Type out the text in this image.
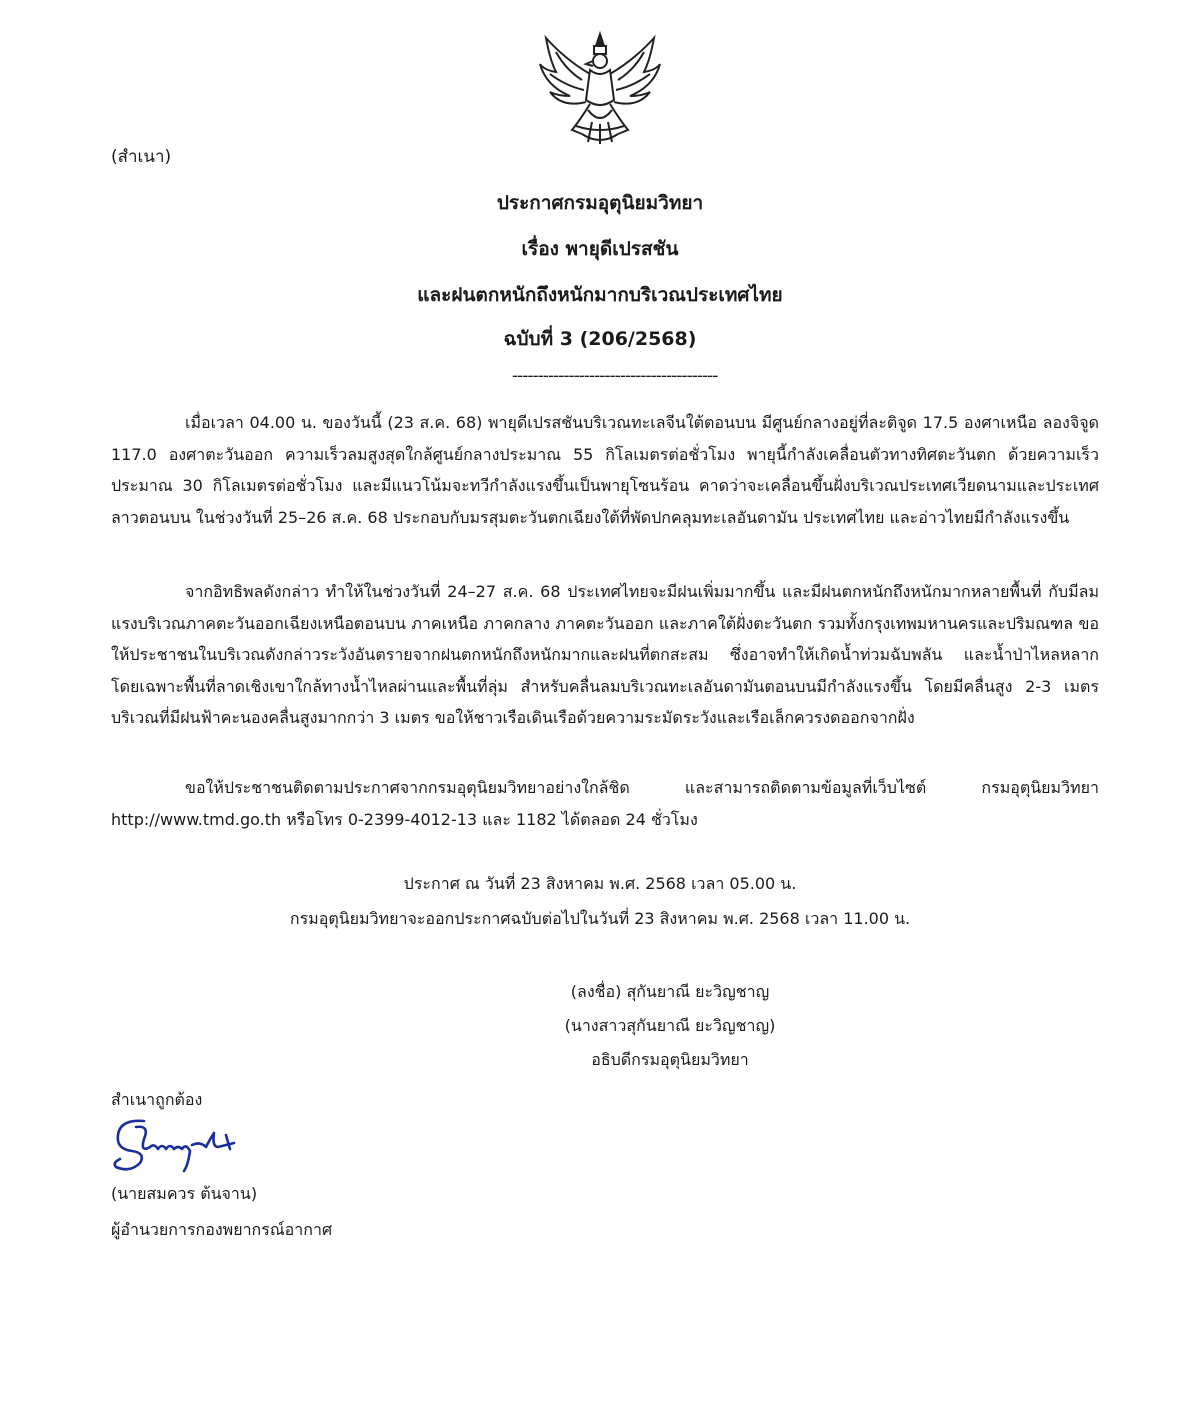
(สำเนา)
ประกาศกรมอุตุนิยมวิทยา
เรื่อง พายุดีเปรสชัน
และฝนตกหนักถึงหนักมากบริเวณประเทศไทย
ฉบับที่ 3 (206/2568)
----------------------------------------

เมื่อเวลา 04.00 น. ของวันนี้ (23 ส.ค. 68) พายุดีเปรสชันบริเวณทะเลจีนใต้ตอนบน มีศูนย์กลางอยู่ที่ละติจูด 17.5 องศาเหนือ ลองจิจูด 117.0 องศาตะวันออก ความเร็วลมสูงสุดใกล้ศูนย์กลางประมาณ 55 กิโลเมตรต่อชั่วโมง พายุนี้กำลังเคลื่อนตัวทางทิศตะวันตก ด้วยความเร็วประมาณ 30 กิโลเมตรต่อชั่วโมง และมีแนวโน้มจะทวีกำลังแรงขึ้นเป็นพายุโซนร้อน คาดว่าจะเคลื่อนขึ้นฝั่งบริเวณประเทศเวียดนามและประเทศลาวตอนบน ในช่วงวันที่ 25–26 ส.ค. 68 ประกอบกับมรสุมตะวันตกเฉียงใต้ที่พัดปกคลุมทะเลอันดามัน ประเทศไทย และอ่าวไทยมีกำลังแรงขึ้น

จากอิทธิพลดังกล่าว ทำให้ในช่วงวันที่ 24–27 ส.ค. 68 ประเทศไทยจะมีฝนเพิ่มมากขึ้น และมีฝนตกหนักถึงหนักมากหลายพื้นที่ กับมีลมแรงบริเวณภาคตะวันออกเฉียงเหนือตอนบน ภาคเหนือ ภาคกลาง ภาคตะวันออก และภาคใต้ฝั่งตะวันตก รวมทั้งกรุงเทพมหานครและปริมณฑล ขอให้ประชาชนในบริเวณดังกล่าวระวังอันตรายจากฝนตกหนักถึงหนักมากและฝนที่ตกสะสม ซึ่งอาจทำให้เกิดน้ำท่วมฉับพลัน และน้ำป่าไหลหลาก โดยเฉพาะพื้นที่ลาดเชิงเขาใกล้ทางน้ำไหลผ่านและพื้นที่ลุ่ม สำหรับคลื่นลมบริเวณทะเลอันดามันตอนบนมีกำลังแรงขึ้น โดยมีคลื่นสูง 2-3 เมตร บริเวณที่มีฝนฟ้าคะนองคลื่นสูงมากกว่า 3 เมตร ขอให้ชาวเรือเดินเรือด้วยความระมัดระวังและเรือเล็กควรงดออกจากฝั่ง

ขอให้ประชาชนติดตามประกาศจากกรมอุตุนิยมวิทยาอย่างใกล้ชิด และสามารถติดตามข้อมูลที่เว็บไซต์ กรมอุตุนิยมวิทยา http://www.tmd.go.th หรือโทร 0-2399-4012-13 และ 1182 ได้ตลอด 24 ชั่วโมง

ประกาศ ณ วันที่ 23 สิงหาคม พ.ศ. 2568 เวลา 05.00 น.
กรมอุตุนิยมวิทยาจะออกประกาศฉบับต่อไปในวันที่ 23 สิงหาคม พ.ศ. 2568 เวลา 11.00 น.
(ลงชื่อ) สุกันยาณี ยะวิญชาญ
(นางสาวสุกันยาณี ยะวิญชาญ)
อธิบดีกรมอุตุนิยมวิทยา
สำเนาถูกต้อง
(นายสมควร ต้นจาน)
ผู้อำนวยการกองพยากรณ์อากาศ
